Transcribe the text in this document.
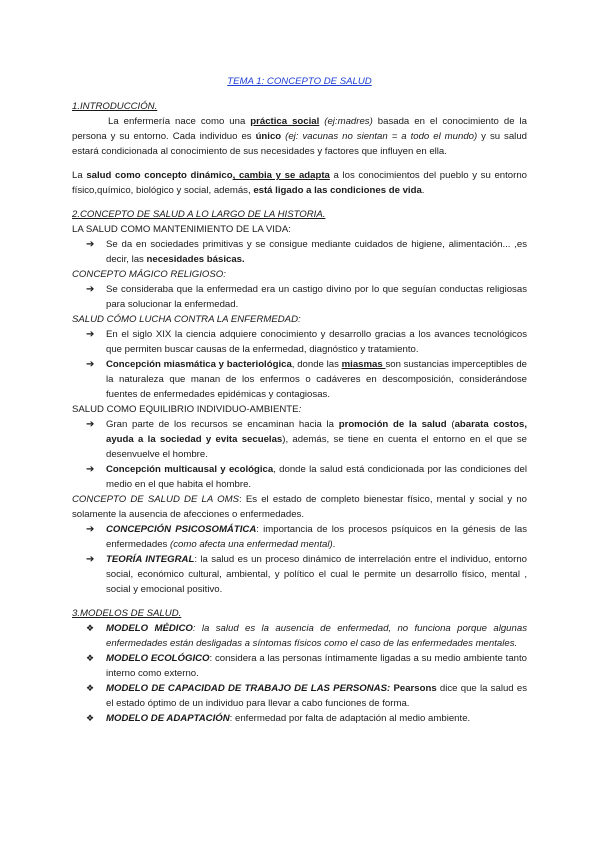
TEMA 1: CONCEPTO DE SALUD
1.INTRODUCCIÓN.

La enfermería nace como una práctica social (ej:madres) basada en el conocimiento de la persona y su entorno. Cada individuo es único (ej: vacunas no sientan = a todo el mundo) y su salud estará condicionada al conocimiento de sus necesidades y factores que influyen en ella.

La salud como concepto dinámico, cambia y se adapta a los conocimientos del pueblo y su entorno físico,químico, biológico y social, además, está ligado a las condiciones de vida.

2.CONCEPTO DE SALUD A LO LARGO DE LA HISTORIA.
LA SALUD COMO MANTENIMIENTO DE LA VIDA:
➔ Se da en sociedades primitivas y se consigue mediante cuidados de higiene, alimentación... ,es decir, las necesidades básicas.
CONCEPTO MÁGICO RELIGIOSO:
➔ Se consideraba que la enfermedad era un castigo divino por lo que seguían conductas religiosas para solucionar la enfermedad.
SALUD CÓMO LUCHA CONTRA LA ENFERMEDAD:
➔ En el siglo XIX la ciencia adquiere conocimiento y desarrollo gracias a los avances tecnológicos que permiten buscar causas de la enfermedad, diagnóstico y tratamiento.
➔ Concepción miasmática y bacteriológica, donde las miasmas son sustancias imperceptibles de la naturaleza que manan de los enfermos o cadáveres en descomposición, considerándose fuentes de enfermedades epidémicas y contagiosas.
SALUD COMO EQUILIBRIO INDIVIDUO-AMBIENTE:
➔ Gran parte de los recursos se encaminan hacia la promoción de la salud (abarata costos, ayuda a la sociedad y evita secuelas), además, se tiene en cuenta el entorno en el que se desenvuelve el hombre.
➔ Concepción multicausal y ecológica, donde la salud está condicionada por las condiciones del medio en el que habita el hombre.

CONCEPTO DE SALUD DE LA OMS: Es el estado de completo bienestar físico, mental y social y no solamente la ausencia de afecciones o enfermedades.

➔ CONCEPCIÓN PSICOSOMÁTICA: importancia de los procesos psíquicos en la génesis de las enfermedades (como afecta una enfermedad mental).
➔ TEORÍA INTEGRAL: la salud es un proceso dinámico de interrelación entre el individuo, entorno social, económico cultural, ambiental, y político el cual le permite un desarrollo físico, mental , social y emocional positivo.
3.MODELOS DE SALUD.
❖ MODELO MÉDICO: la salud es la ausencia de enfermedad, no funciona porque algunas enfermedades están desligadas a síntomas físicos como el caso de las enfermedades mentales.
❖ MODELO ECOLÓGICO: considera a las personas íntimamente ligadas a su medio ambiente tanto interno como externo.
❖ MODELO DE CAPACIDAD DE TRABAJO DE LAS PERSONAS: Pearsons dice que la salud es el estado óptimo de un individuo para llevar a cabo funciones de forma.
❖ MODELO DE ADAPTACIÓN: enfermedad por falta de adaptación al medio ambiente.
